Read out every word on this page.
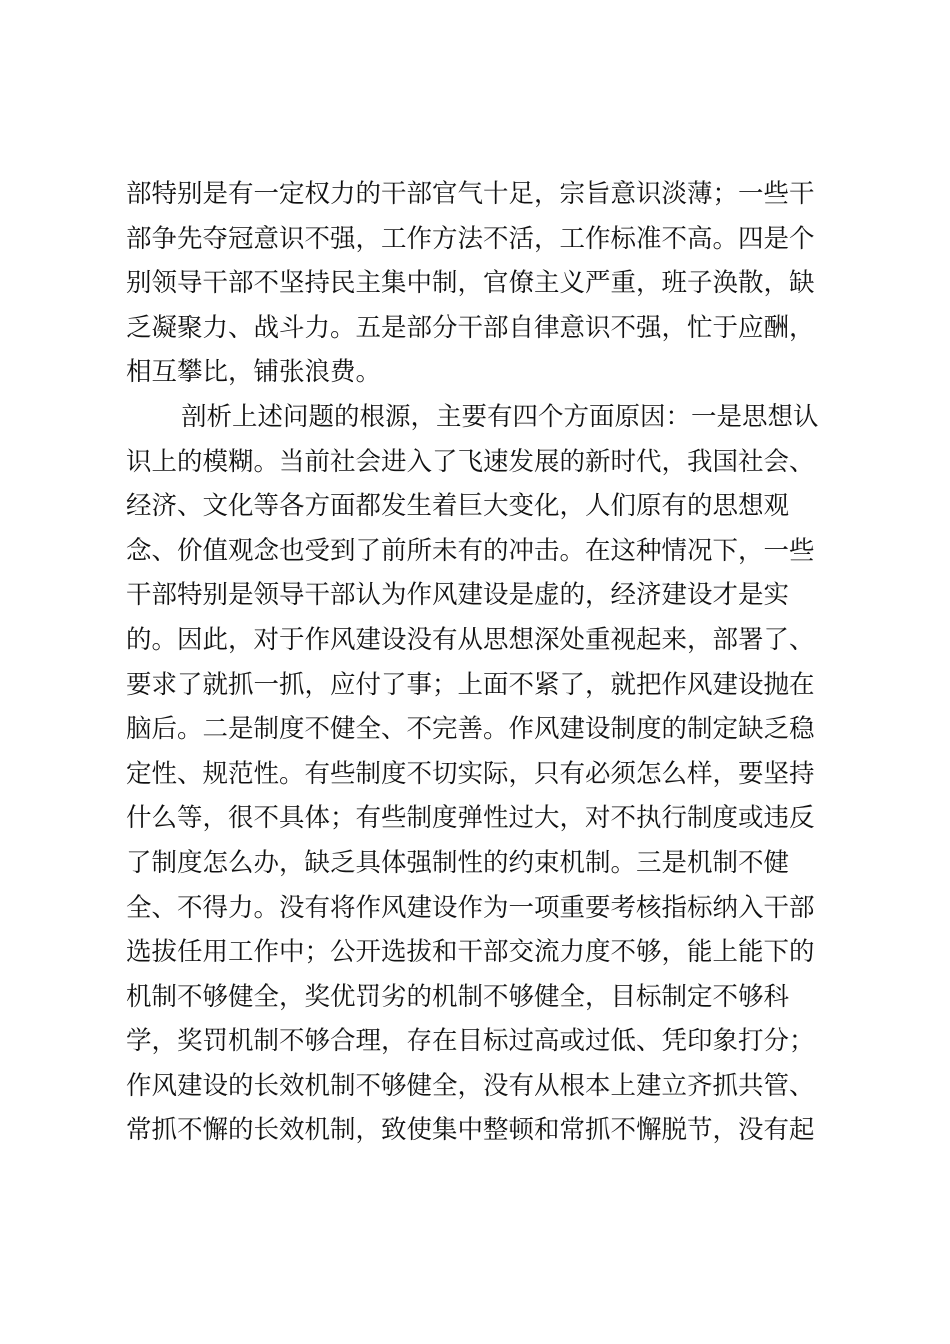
部特别是有一定权力的干部官气十足，宗旨意识淡薄；一些干
部争先夺冠意识不强，工作方法不活，工作标准不高。四是个
别领导干部不坚持民主集中制，官僚主义严重，班子涣散，缺
乏凝聚力、战斗力。五是部分干部自律意识不强，忙于应酬，
相互攀比，铺张浪费。
剖析上述问题的根源，主要有四个方面原因：一是思想认
识上的模糊。当前社会进入了飞速发展的新时代，我国社会、
经济、文化等各方面都发生着巨大变化，人们原有的思想观
念、价值观念也受到了前所未有的冲击。在这种情况下，一些
干部特别是领导干部认为作风建设是虚的，经济建设才是实
的。因此，对于作风建设没有从思想深处重视起来，部署了、
要求了就抓一抓，应付了事；上面不紧了，就把作风建设抛在
脑后。二是制度不健全、不完善。作风建设制度的制定缺乏稳
定性、规范性。有些制度不切实际，只有必须怎么样，要坚持
什么等，很不具体；有些制度弹性过大，对不执行制度或违反
了制度怎么办，缺乏具体强制性的约束机制。三是机制不健
全、不得力。没有将作风建设作为一项重要考核指标纳入干部
选拔任用工作中；公开选拔和干部交流力度不够，能上能下的
机制不够健全，奖优罚劣的机制不够健全，目标制定不够科
学，奖罚机制不够合理，存在目标过高或过低、凭印象打分；
作风建设的长效机制不够健全，没有从根本上建立齐抓共管、
常抓不懈的长效机制，致使集中整顿和常抓不懈脱节，没有起
